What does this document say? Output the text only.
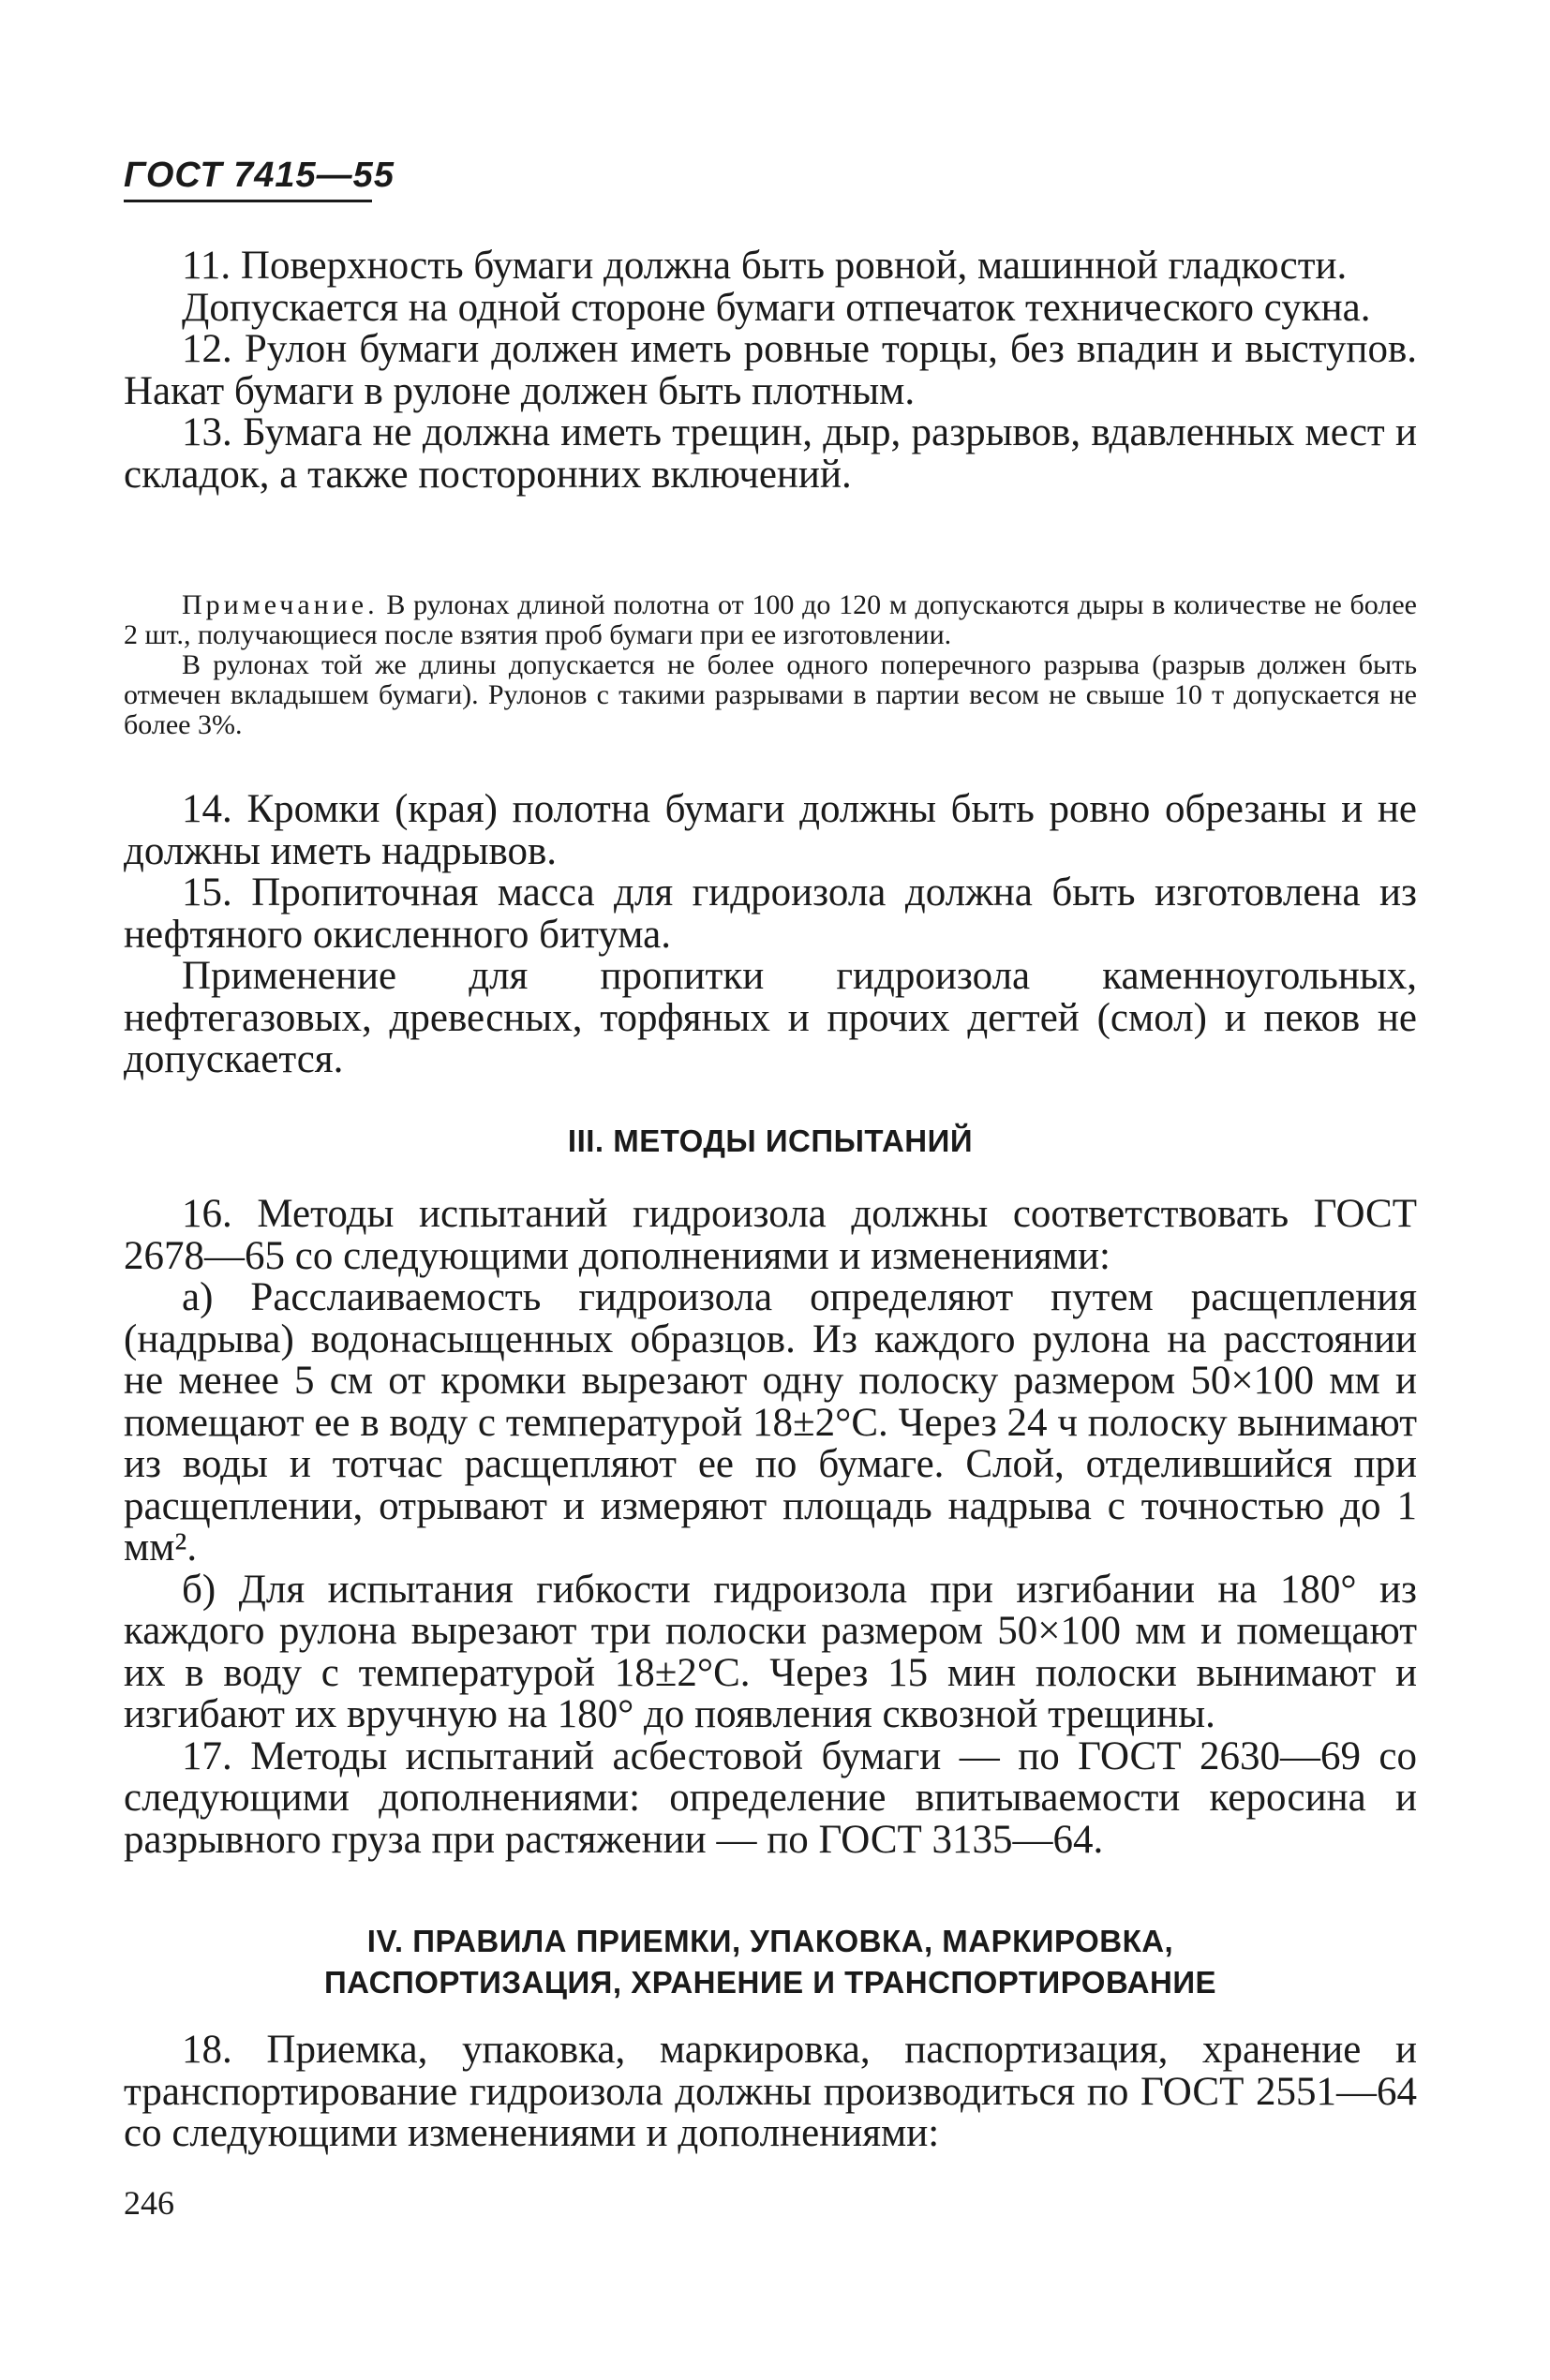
ГОСТ 7415—55

11. Поверхность бумаги должна быть ровной, машинной гладкости.

Допускается на одной стороне бумаги отпечаток технического сукна.

12. Рулон бумаги должен иметь ровные торцы, без впадин и выступов. Накат бумаги в рулоне должен быть плотным.

13. Бумага не должна иметь трещин, дыр, разрывов, вдавленных мест и складок, а также посторонних включений.

Примечание. В рулонах длиной полотна от 100 до 120 м допускаются дыры в количестве не более 2 шт., получающиеся после взятия проб бумаги при ее изготовлении.

В рулонах той же длины допускается не более одного поперечного разрыва (разрыв должен быть отмечен вкладышем бумаги). Рулонов с такими разрывами в партии весом не свыше 10 т допускается не более 3%.

14. Кромки (края) полотна бумаги должны быть ровно обрезаны и не должны иметь надрывов.

15. Пропиточная масса для гидроизола должна быть изготовлена из нефтяного окисленного битума.

Применение для пропитки гидроизола каменноугольных, нефтегазовых, древесных, торфяных и прочих дегтей (смол) и пеков не допускается.

III. МЕТОДЫ ИСПЫТАНИЙ

16. Методы испытаний гидроизола должны соответствовать ГОСТ 2678—65 со следующими дополнениями и изменениями:

а) Расслаиваемость гидроизола определяют путем расщепления (надрыва) водонасыщенных образцов. Из каждого рулона на расстоянии не менее 5 см от кромки вырезают одну полоску размером 50×100 мм и помещают ее в воду с температурой 18±2°С. Через 24 ч полоску вынимают из воды и тотчас расщепляют ее по бумаге. Слой, отделившийся при расщеплении, отрывают и измеряют площадь надрыва с точностью до 1 мм².

б) Для испытания гибкости гидроизола при изгибании на 180° из каждого рулона вырезают три полоски размером 50×100 мм и помещают их в воду с температурой 18±2°С. Через 15 мин полоски вынимают и изгибают их вручную на 180° до появления сквозной трещины.

17. Методы испытаний асбестовой бумаги — по ГОСТ 2630—69 со следующими дополнениями: определение впитываемости керосина и разрывного груза при растяжении — по ГОСТ 3135—64.

IV. ПРАВИЛА ПРИЕМКИ, УПАКОВКА, МАРКИРОВКА,

ПАСПОРТИЗАЦИЯ, ХРАНЕНИЕ И ТРАНСПОРТИРОВАНИЕ

18. Приемка, упаковка, маркировка, паспортизация, хранение и транспортирование гидроизола должны производиться по ГОСТ 2551—64 со следующими изменениями и дополнениями:

246
